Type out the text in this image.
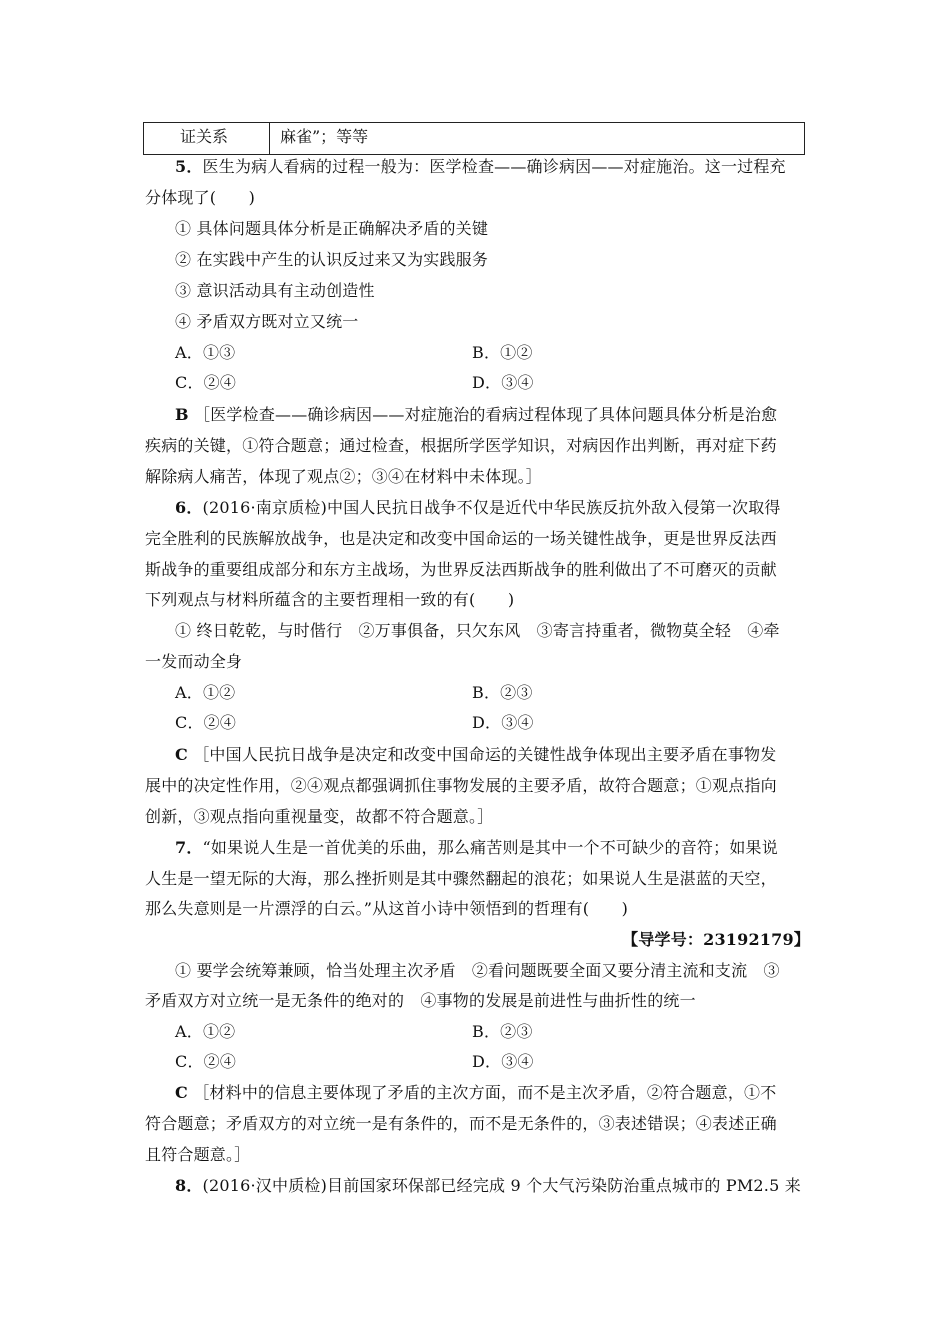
证关系	麻雀”；等等
5．医生为病人看病的过程一般为：医学检查——确诊病因——对症施治。这一过程充
分体现了(　　)
① 具体问题具体分析是正确解决矛盾的关键
② 在实践中产生的认识反过来又为实践服务
③ 意识活动具有主动创造性
④ 矛盾双方既对立又统一
A．①③	B．①②
C．②④	D．③④
B ［医学检查——确诊病因——对症施治的看病过程体现了具体问题具体分析是治愈
疾病的关键，①符合题意；通过检查，根据所学医学知识，对病因作出判断，再对症下药
解除病人痛苦，体现了观点②；③④在材料中未体现。］
6．(2016·南京质检)中国人民抗日战争不仅是近代中华民族反抗外敌入侵第一次取得
完全胜利的民族解放战争，也是决定和改变中国命运的一场关键性战争，更是世界反法西
斯战争的重要组成部分和东方主战场，为世界反法西斯战争的胜利做出了不可磨灭的贡献
下列观点与材料所蕴含的主要哲理相一致的有(　　)
① 终日乾乾，与时偕行　②万事俱备，只欠东风　③寄言持重者，微物莫全轻　④牵
一发而动全身
A．①②	B．②③
C．②④	D．③④
C ［中国人民抗日战争是决定和改变中国命运的关键性战争体现出主要矛盾在事物发
展中的决定性作用，②④观点都强调抓住事物发展的主要矛盾，故符合题意；①观点指向
创新，③观点指向重视量变，故都不符合题意。］
7．“如果说人生是一首优美的乐曲，那么痛苦则是其中一个不可缺少的音符；如果说
人生是一望无际的大海，那么挫折则是其中骤然翻起的浪花；如果说人生是湛蓝的天空，
那么失意则是一片漂浮的白云。”从这首小诗中领悟到的哲理有(　　)
【导学号：23192179】
① 要学会统筹兼顾，恰当处理主次矛盾　②看问题既要全面又要分清主流和支流　③
矛盾双方对立统一是无条件的绝对的　④事物的发展是前进性与曲折性的统一
A．①②	B．②③
C．②④	D．③④
C ［材料中的信息主要体现了矛盾的主次方面，而不是主次矛盾，②符合题意，①不
符合题意；矛盾双方的对立统一是有条件的，而不是无条件的，③表述错误；④表述正确
且符合题意。］
8．(2016·汉中质检)目前国家环保部已经完成 9 个大气污染防治重点城市的 PM2.5 来
